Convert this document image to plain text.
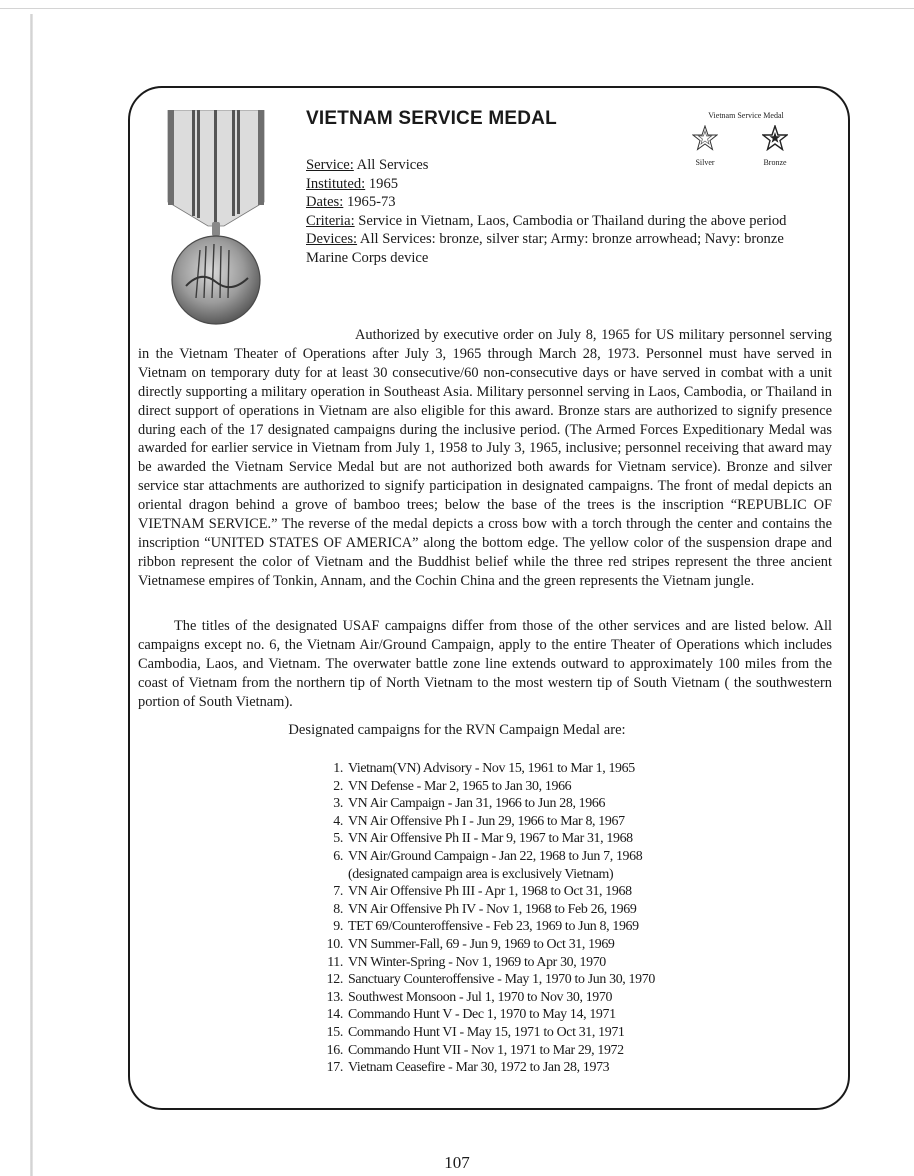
VIETNAM SERVICE MEDAL	Vietnam Service Medal
Silver	Bronze

Service: All Services

Instituted: 1965

Dates: 1965-73

Criteria: Service in Vietnam, Laos, Cambodia or Thailand during the above period

Devices: All Services: bronze, silver star; Army: bronze arrowhead; Navy: bronze Marine Corps device

Authorized by executive order on July 8, 1965 for US military personnel serving in the Vietnam Theater of Operations after July 3, 1965 through March 28, 1973. Personnel must have served in Vietnam on temporary duty for at least 30 consecutive/60 non-consecutive days or have served in combat with a unit directly supporting a military operation in Southeast Asia. Military personnel serving in Laos, Cambodia, or Thailand in direct support of operations in Vietnam are also eligible for this award. Bronze stars are authorized to signify presence during each of the 17 designated campaigns during the inclusive period. (The Armed Forces Expeditionary Medal was awarded for earlier service in Vietnam from July 1, 1958 to July 3, 1965, inclusive; personnel receiving that award may be awarded the Vietnam Service Medal but are not authorized both awards for Vietnam service). Bronze and silver service star attachments are authorized to signify participation in designated campaigns. The front of medal depicts an oriental dragon behind a grove of bamboo trees; below the base of the trees is the inscription “REPUBLIC OF VIETNAM SERVICE.” The reverse of the medal depicts a cross bow with a torch through the center and contains the inscription “UNITED STATES OF AMERICA” along the bottom edge. The yellow color of the suspension drape and ribbon represent the color of Vietnam and the Buddhist belief while the three red stripes represent the three ancient Vietnamese empires of Tonkin, Annam, and the Cochin China and the green represents the Vietnam jungle.

The titles of the designated USAF campaigns differ from those of the other services and are listed below. All campaigns except no. 6, the Vietnam Air/Ground Campaign, apply to the entire Theater of Operations which includes Cambodia, Laos, and Vietnam. The overwater battle zone line extends outward to approximately 100 miles from the coast of Vietnam from the northern tip of North Vietnam to the most western tip of South Vietnam ( the southwestern portion of South Vietnam).

Designated campaigns for the RVN Campaign Medal are:

1. Vietnam(VN) Advisory - Nov 15, 1961 to Mar 1, 1965
2. VN Defense - Mar 2, 1965 to Jan 30, 1966
3. VN Air Campaign - Jan 31, 1966 to Jun 28, 1966
4. VN Air Offensive Ph I - Jun 29, 1966 to Mar 8, 1967
5. VN Air Offensive Ph II - Mar 9, 1967 to Mar 31, 1968
6. VN Air/Ground Campaign - Jan 22, 1968 to Jun 7, 1968
(designated campaign area is exclusively Vietnam)
7. VN Air Offensive Ph III - Apr 1, 1968 to Oct 31, 1968
8. VN Air Offensive Ph IV - Nov 1, 1968 to Feb 26, 1969
9. TET 69/Counteroffensive - Feb 23, 1969 to Jun 8, 1969
10. VN Summer-Fall, 69 - Jun 9, 1969 to Oct 31, 1969
11. VN Winter-Spring - Nov 1, 1969 to Apr 30, 1970
12. Sanctuary Counteroffensive - May 1, 1970 to Jun 30, 1970
13. Southwest Monsoon - Jul 1, 1970 to Nov 30, 1970
14. Commando Hunt V - Dec 1, 1970 to May 14, 1971
15. Commando Hunt VI - May 15, 1971 to Oct 31, 1971
16. Commando Hunt VII - Nov 1, 1971 to Mar 29, 1972
17. Vietnam Ceasefire - Mar 30, 1972 to Jan 28, 1973

107
